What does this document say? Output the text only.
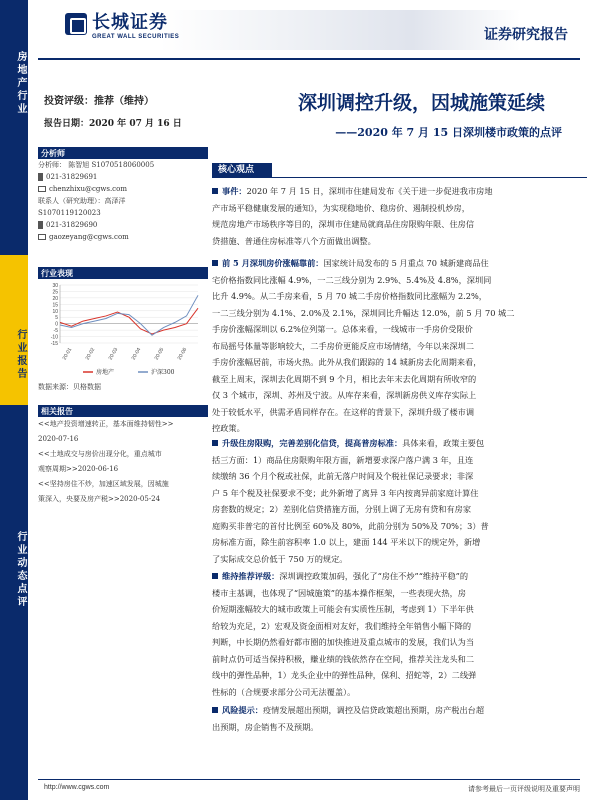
房地产行业
行业报告
行业动态点评
长城证券
GREAT WALL SECURITIES	证券研究报告
投资评级：推荐（维持）
报告日期：2020 年 07 月 16 日
深圳调控升级，因城施策延续
——2020 年 7 月 15 日深圳楼市政策的点评
分析师
分析师： 陈智旭 S1070518060005
021-31829691
chenzhixu@cgws.com
联系人（研究助理）：高泽洋
S1070119120023
021-31829690
gaozeyang@cgws.com
行业表现
30
25
20
15
10
5
0
-5
-10
-15
20-01 20-02 20-03 20-04 20-05 20-06
房地产	沪深300
数据来源：贝格数据
相关报告
<<地产投资增速转正，基本面维持韧性>>
2020-07-16
<<土地成交与房价出现分化，重点城市
观察周期>>2020-06-16
<<坚持房住不炒，加速区域发展，因城施
策深入，央要及房产税>>2020-05-24
核心观点
事件：2020 年 7 月 15 日，深圳市住建局发布《关于进一步促进我市房地
产市场平稳健康发展的通知》，为实现稳地价、稳房价、遏制投机炒房，
规范房地产市场秩序等目的，深圳市住建局就商品住房限购年限、住房信
贷措施、普通住房标准等八个方面做出调整。
前 5 月深圳房价涨幅靠前：国家统计局发布的 5 月重点 70 城新建商品住
宅价格指数同比涨幅 4.9%，一二三线分别为 2.9%、5.4%及 4.8%，深圳同
比升 4.9%。从二手房来看，5 月 70 城二手房价格指数同比涨幅为 2.2%，
一二三线分别为 4.1%、2.0%及 2.1%，深圳同比升幅达 12.0%，前 5 月 70 城二
手房价涨幅深圳以 6.2%位列第一。总体来看，一线城市一手房价受限价
布局摇号体量等影响较大，二手房价更能反应市场情绪，今年以来深圳二
手房价涨幅居前，市场火热。此外从我们跟踪的 14 城新房去化周期来看，
截至上周末，深圳去化周期不到 9 个月，相比去年末去化周期有所收窄的
仅 3 个城市，深圳、苏州及宁波。从库存来看，深圳新房供义库存实际上
处于较低水平，供需矛盾同样存在。在这样的背景下，深圳升级了楼市调
控政策。
升级住房限购，完善差别化信贷，提高普房标准：具体来看，政策主要包
括三方面：1）商品住房限购年限方面，新增要求深户落户满 3 年，且连
续缴纳 36 个月个税或社保，此前无落户时间及个税社保记录要求；非深
户 5 年个税及社保要求不变；此外新增了离异 3 年内按离异前家庭计算住
房套数的规定；2）差别化信贷措施方面，分别上调了无房有贷和有房家
庭购买非普宅的首付比例至 60%及 80%，此前分别为 50%及 70%；3）普
房标准方面，除生前容积率 1.0 以上，建面 144 平米以下的规定外，新增
了实际成交总价低于 750 万的规定。
维持推荐评级：深圳调控政策加码，强化了“房住不炒”“维持平稳”的
楼市主基调，也体现了“因城施策”的基本操作框架，一些表现火热，房
价短期涨幅较大的城市政策上可能会有实质性压制，考虑到 1）下半年供
给较为充足，2）宏观及资金面相对友好，我们维持全年销售小幅下降的
判断，中长期仍然看好都市圈的加快推进及重点城市的发展，我们认为当
前时点仍可适当保持积极，赚业绩的钱依然存在空间，推荐关注龙头和二
线中的弹性品种，1）龙头企业中的弹性品种，保利、招蛇等，2）二线弹
性标的（合规要求部分公司无法覆盖）。
风险提示：疫情发展超出预期，调控及信贷政策超出预期，房产税出台超
出预期，房企销售不及预期。
http://www.cgws.com	请参考最后一页评级说明及重要声明
